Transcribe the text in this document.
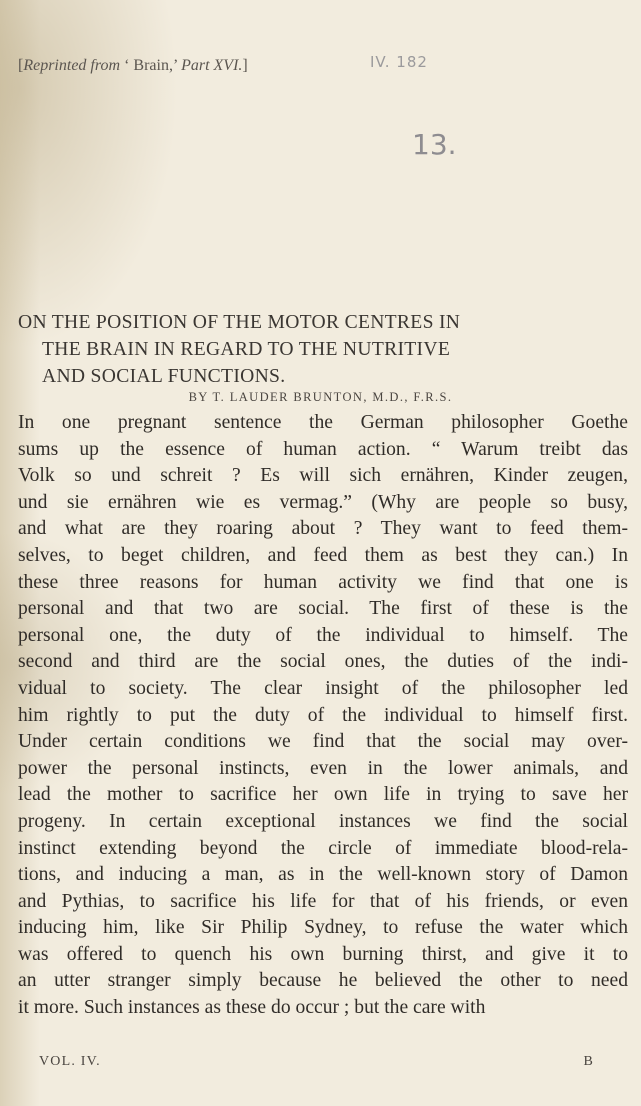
[Reprinted from ‘ Brain,’ Part XVI.]	IV. 182
13.
ON THE POSITION OF THE MOTOR CENTRES IN
THE BRAIN IN REGARD TO THE NUTRITIVE
AND SOCIAL FUNCTIONS.
BY T. LAUDER BRUNTON, M.D., F.R.S.
In one pregnant sentence the German philosopher Goethe
sums up the essence of human action. “ Warum treibt das
Volk so und schreit ? Es will sich ernähren, Kinder zeugen,
und sie ernähren wie es vermag.” (Why are people so busy,
and what are they roaring about ? They want to feed them-
selves, to beget children, and feed them as best they can.) In
these three reasons for human activity we find that one is
personal and that two are social. The first of these is the
personal one, the duty of the individual to himself. The
second and third are the social ones, the duties of the indi-
vidual to society. The clear insight of the philosopher led
him rightly to put the duty of the individual to himself first.
Under certain conditions we find that the social may over-
power the personal instincts, even in the lower animals, and
lead the mother to sacrifice her own life in trying to save her
progeny. In certain exceptional instances we find the social
instinct extending beyond the circle of immediate blood-rela-
tions, and inducing a man, as in the well-known story of Damon
and Pythias, to sacrifice his life for that of his friends, or even
inducing him, like Sir Philip Sydney, to refuse the water which
was offered to quench his own burning thirst, and give it to
an utter stranger simply because he believed the other to need
it more. Such instances as these do occur ; but the care with
VOL. IV.	B
